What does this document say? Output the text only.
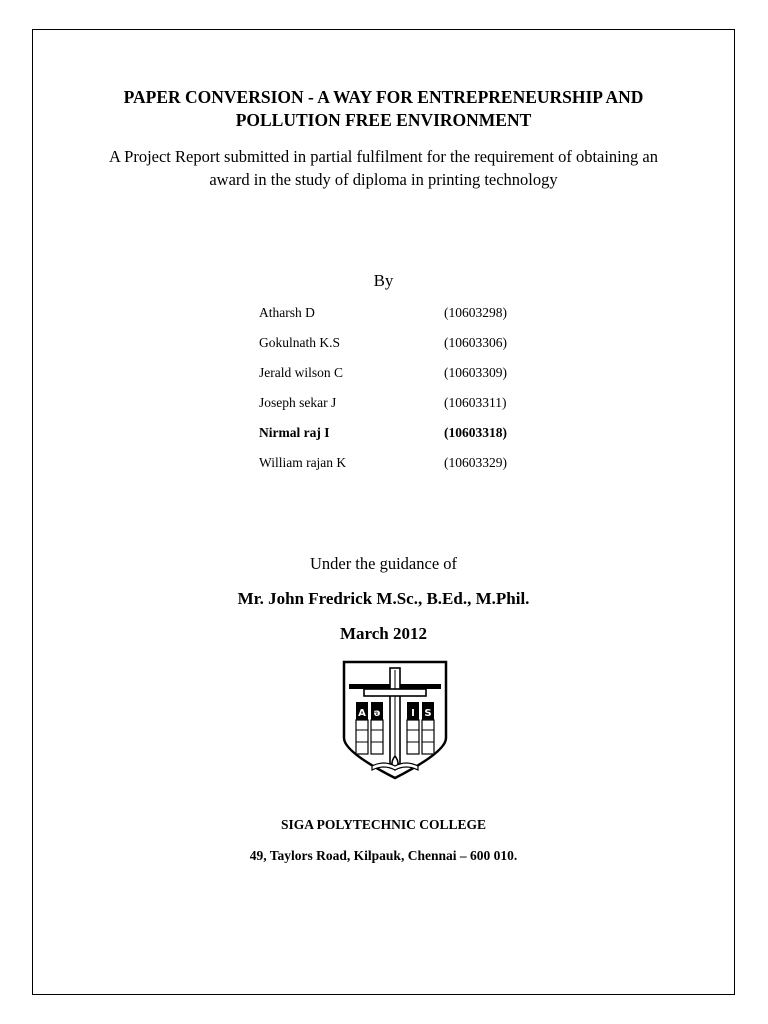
PAPER CONVERSION - A WAY FOR ENTREPRENEURSHIP AND
POLLUTION FREE ENVIRONMENT
A Project Report submitted in partial fulfilment for the requirement of obtaining an
award in the study of diploma in printing technology
By
Atharsh D	(10603298)
Gokulnath K.S	(10603306)
Jerald wilson C	(10603309)
Joseph sekar J	(10603311)
Nirmal raj I	(10603318)
William rajan K	(10603329)
Under the guidance of
Mr. John Fredrick M.Sc., B.Ed., M.Phil.
March 2012
A ə	I S
SIGA POLYTECHNIC COLLEGE
49, Taylors Road, Kilpauk, Chennai – 600 010.
